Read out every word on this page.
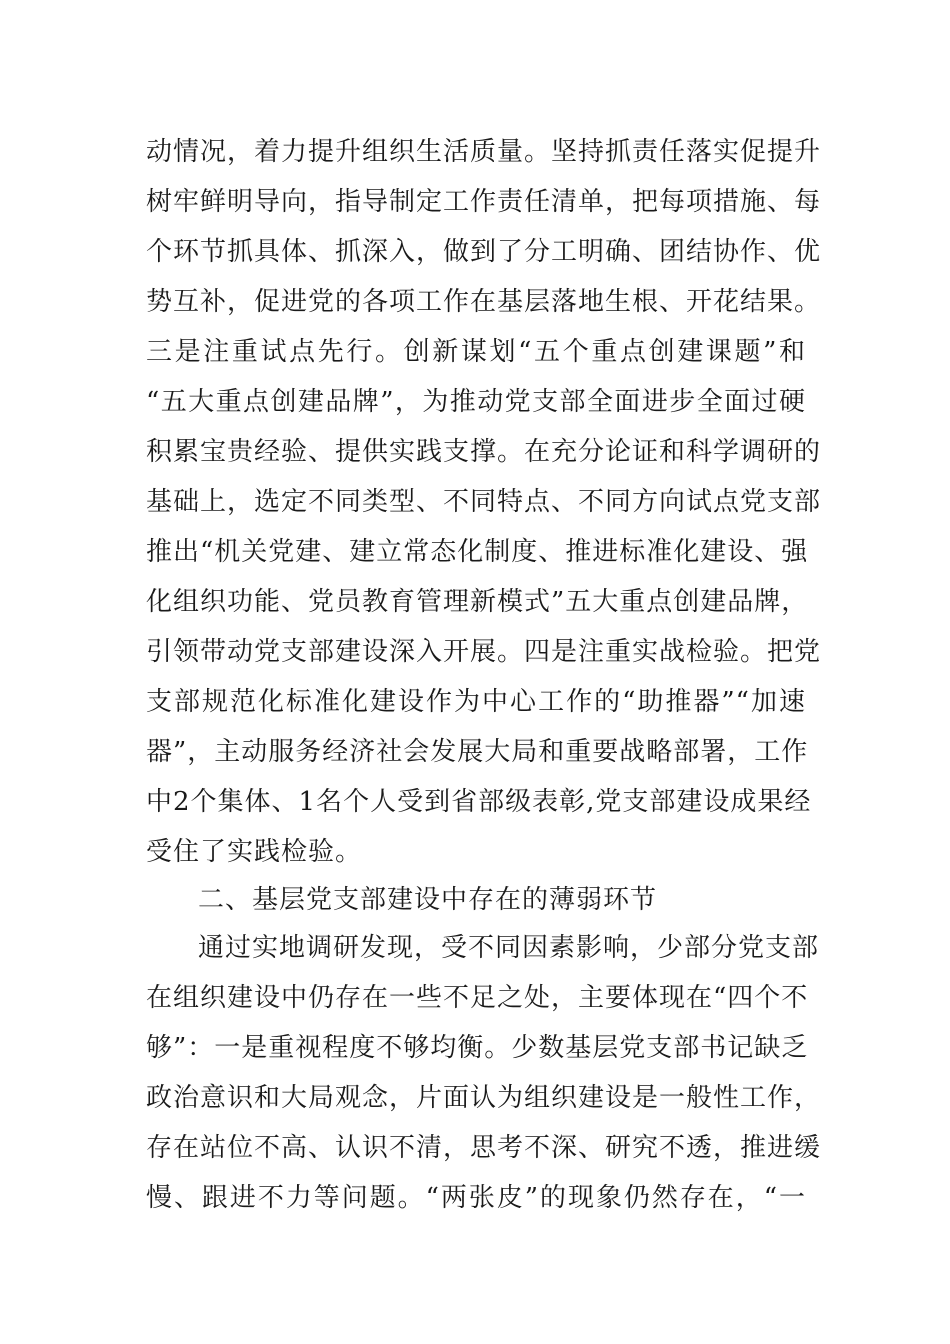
动情况，着力提升组织生活质量。坚持抓责任落实促提升
树牢鲜明导向，指导制定工作责任清单，把每项措施、每
个环节抓具体、抓深入，做到了分工明确、团结协作、优
势互补，促进党的各项工作在基层落地生根、开花结果。
三是注重试点先行。创新谋划“五个重点创建课题”和
“五大重点创建品牌”，为推动党支部全面进步全面过硬
积累宝贵经验、提供实践支撑。在充分论证和科学调研的
基础上，选定不同类型、不同特点、不同方向试点党支部
推出“机关党建、建立常态化制度、推进标准化建设、强
化组织功能、党员教育管理新模式”五大重点创建品牌，
引领带动党支部建设深入开展。四是注重实战检验。把党
支部规范化标准化建设作为中心工作的“助推器”“加速
器”，主动服务经济社会发展大局和重要战略部署，工作
中2个集体、1名个人受到省部级表彰,党支部建设成果经
受住了实践检验。
二、基层党支部建设中存在的薄弱环节
通过实地调研发现，受不同因素影响，少部分党支部
在组织建设中仍存在一些不足之处，主要体现在“四个不
够”：一是重视程度不够均衡。少数基层党支部书记缺乏
政治意识和大局观念，片面认为组织建设是一般性工作，
存在站位不高、认识不清，思考不深、研究不透，推进缓
慢、跟进不力等问题。“两张皮”的现象仍然存在，“一
